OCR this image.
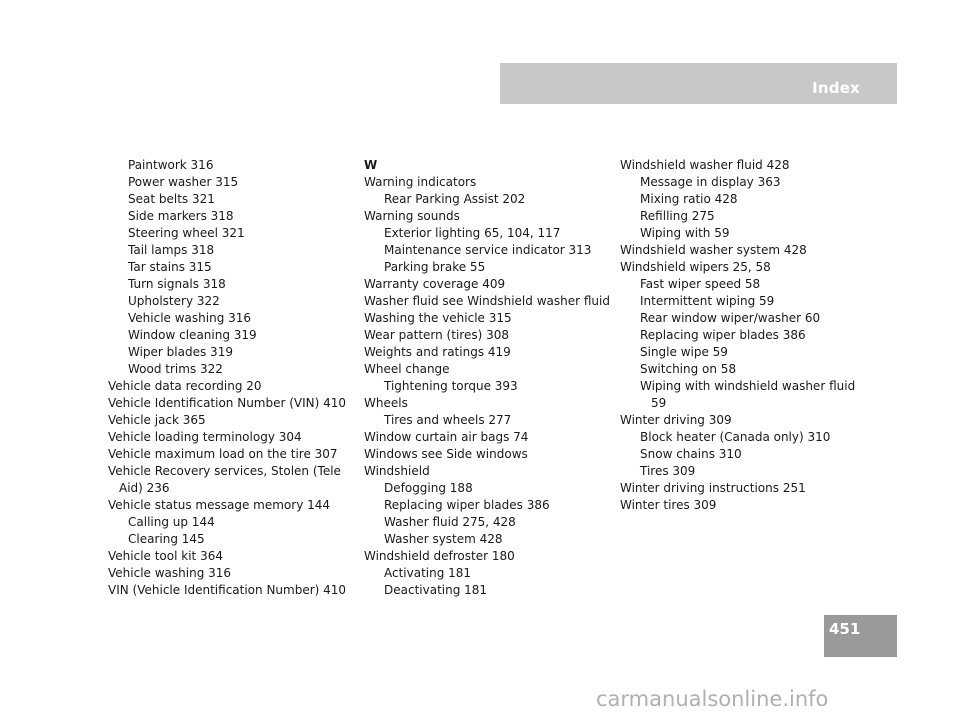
Index
Paintwork 316
Power washer 315
Seat belts 321
Side markers 318
Steering wheel 321
Tail lamps 318
Tar stains 315
Turn signals 318
Upholstery 322
Vehicle washing 316
Window cleaning 319
Wiper blades 319
Wood trims 322
Vehicle data recording 20
Vehicle Identification Number (VIN) 410
Vehicle jack 365
Vehicle loading terminology 304
Vehicle maximum load on the tire 307
Vehicle Recovery services, Stolen (Tele Aid) 236
Vehicle status message memory 144
Calling up 144
Clearing 145
Vehicle tool kit 364
Vehicle washing 316
VIN (Vehicle Identification Number) 410
W
Warning indicators
Rear Parking Assist 202
Warning sounds
Exterior lighting 65, 104, 117
Maintenance service indicator 313
Parking brake 55
Warranty coverage 409
Washer fluid see Windshield washer fluid
Washing the vehicle 315
Wear pattern (tires) 308
Weights and ratings 419
Wheel change
Tightening torque 393
Wheels
Tires and wheels 277
Window curtain air bags 74
Windows see Side windows
Windshield
Defogging 188
Replacing wiper blades 386
Washer fluid 275, 428
Washer system 428
Windshield defroster 180
Activating 181
Deactivating 181
Windshield washer fluid 428
Message in display 363
Mixing ratio 428
Refilling 275
Wiping with 59
Windshield washer system 428
Windshield wipers 25, 58
Fast wiper speed 58
Intermittent wiping 59
Rear window wiper/washer 60
Replacing wiper blades 386
Single wipe 59
Switching on 58
Wiping with windshield washer fluid 59
Winter driving 309
Block heater (Canada only) 310
Snow chains 310
Tires 309
Winter driving instructions 251
Winter tires 309
451
carmanualsonline.info
